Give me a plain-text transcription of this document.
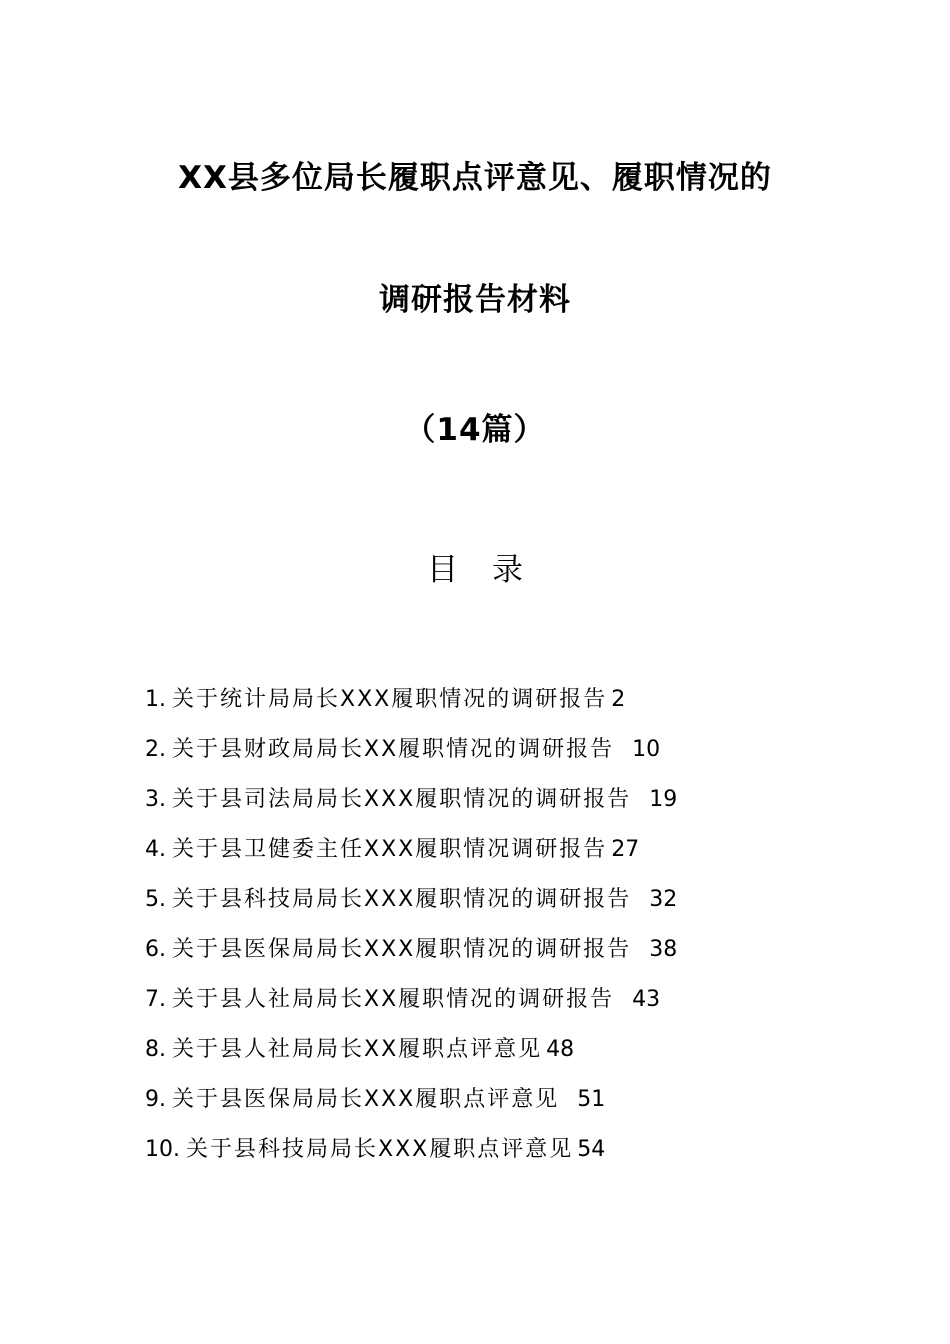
XX县多位局长履职点评意见、履职情况的
调研报告材料
（14篇）
目 录
1. 关于统计局局长XXX履职情况的调研报告 2
2. 关于县财政局局长XX履职情况的调研报告 10
3. 关于县司法局局长XXX履职情况的调研报告 19
4. 关于县卫健委主任XXX履职情况调研报告 27
5. 关于县科技局局长XXX履职情况的调研报告 32
6. 关于县医保局局长XXX履职情况的调研报告 38
7. 关于县人社局局长XX履职情况的调研报告 43
8. 关于县人社局局长XX履职点评意见 48
9. 关于县医保局局长XXX履职点评意见 51
10. 关于县科技局局长XXX履职点评意见 54
